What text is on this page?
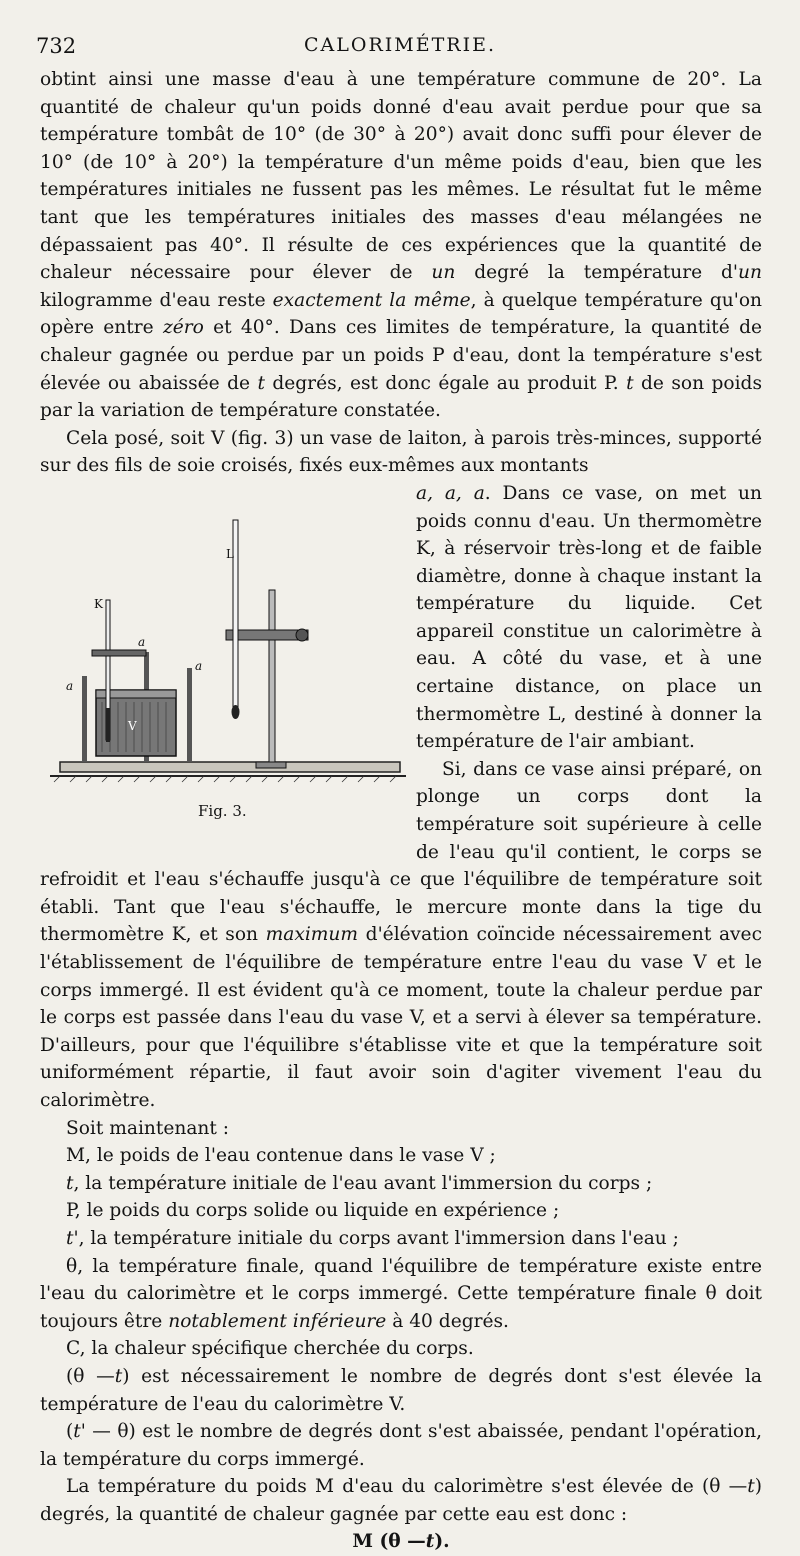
732	CALORIMÉTRIE.

obtint ainsi une masse d'eau à une température commune de 20°. La quantité de chaleur qu'un poids donné d'eau avait perdue pour que sa température tombât de 10° (de 30° à 20°) avait donc suffi pour élever de 10° (de 10° à 20°) la température d'un même poids d'eau, bien que les températures initiales ne fussent pas les mêmes. Le résultat fut le même tant que les températures initiales des masses d'eau mélangées ne dépassaient pas 40°. Il résulte de ces expériences que la quantité de chaleur nécessaire pour élever de un degré la température d'un kilogramme d'eau reste exactement la même, à quelque température qu'on opère entre zéro et 40°. Dans ces limites de température, la quantité de chaleur gagnée ou perdue par un poids P d'eau, dont la température s'est élevée ou abaissée de t degrés, est donc égale au produit P. t de son poids par la variation de température constatée.

Cela posé, soit V (fig. 3) un vase de laiton, à parois très-minces, supporté sur des fils de soie croisés, fixés eux-mêmes aux montants

L
K
V
a
a
a
Fig. 3.

a, a, a. Dans ce vase, on met un poids connu d'eau. Un thermomètre K, à réservoir très-long et de faible diamètre, donne à chaque instant la température du liquide. Cet appareil constitue un calorimètre à eau. A côté du vase, et à une certaine distance, on place un thermomètre L, destiné à donner la température de l'air ambiant.

Si, dans ce vase ainsi préparé, on plonge un corps dont la température soit supérieure à celle de l'eau qu'il contient, le corps se refroidit et l'eau s'échauffe jusqu'à ce que l'équilibre de température soit établi. Tant que l'eau s'échauffe, le mercure monte dans la tige du thermomètre K, et son maximum d'élévation coïncide nécessairement avec l'établissement de l'équilibre de température entre l'eau du vase V et le corps immergé. Il est évident qu'à ce moment, toute la chaleur perdue par le corps est passée dans l'eau du vase V, et a servi à élever sa température. D'ailleurs, pour que l'équilibre s'établisse vite et que la température soit uniformément répartie, il faut avoir soin d'agiter vivement l'eau du calorimètre.

Soit maintenant :

M, le poids de l'eau contenue dans le vase V ;

t, la température initiale de l'eau avant l'immersion du corps ;

P, le poids du corps solide ou liquide en expérience ;

t', la température initiale du corps avant l'immersion dans l'eau ;

θ, la température finale, quand l'équilibre de température existe entre l'eau du calorimètre et le corps immergé. Cette température finale θ doit toujours être notablement inférieure à 40 degrés.

C, la chaleur spécifique cherchée du corps.

(θ —t) est nécessairement le nombre de degrés dont s'est élevée la température de l'eau du calorimètre V.

(t' — θ) est le nombre de degrés dont s'est abaissée, pendant l'opération, la température du corps immergé.

La température du poids M d'eau du calorimètre s'est élevée de (θ —t) degrés, la quantité de chaleur gagnée par cette eau est donc :

M (θ —t).
